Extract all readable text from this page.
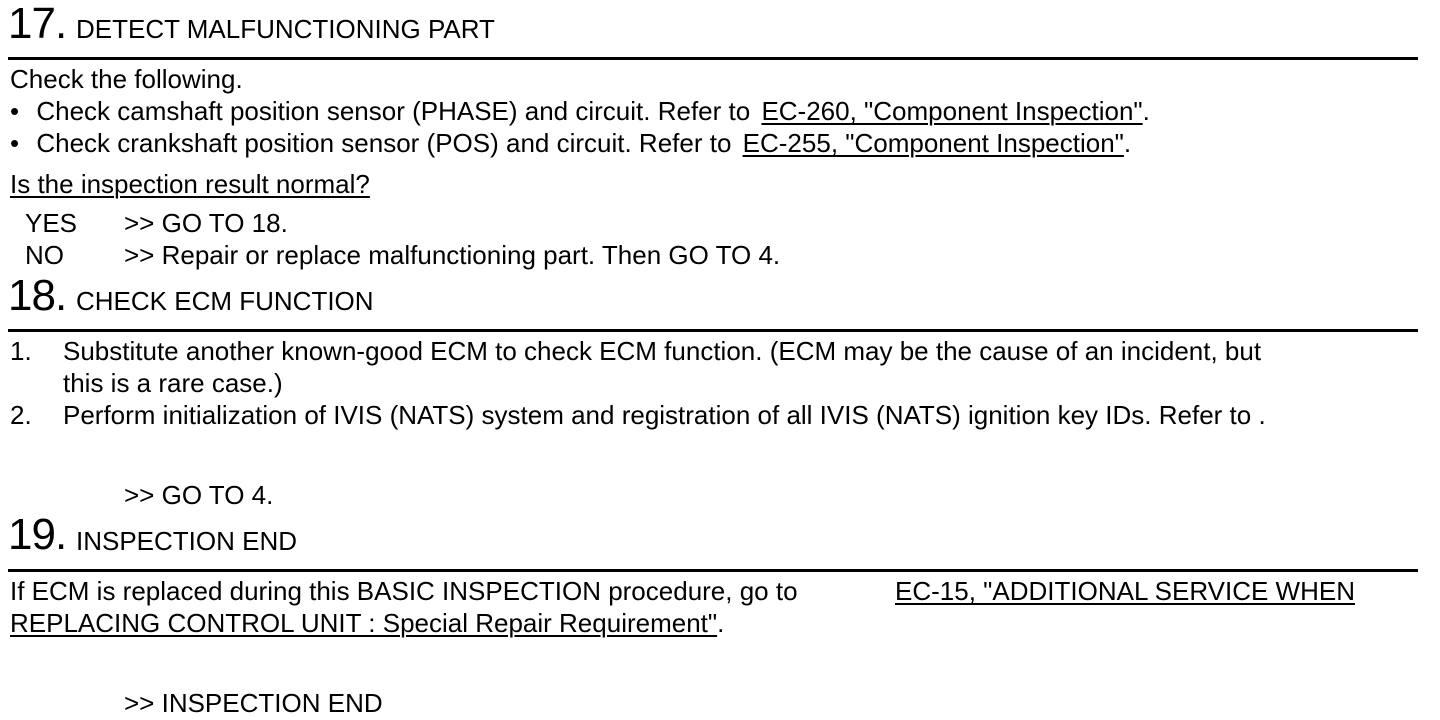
17. DETECT MALFUNCTIONING PART
Check the following.
• Check camshaft position sensor (PHASE) and circuit. Refer to EC-260, "Component Inspection".
• Check crankshaft position sensor (POS) and circuit. Refer to EC-255, "Component Inspection".
Is the inspection result normal?
YES >> GO TO 18.
NO >> Repair or replace malfunctioning part. Then GO TO 4.
18. CHECK ECM FUNCTION
1. Substitute another known-good ECM to check ECM function. (ECM may be the cause of an incident, but
this is a rare case.)
2. Perform initialization of IVIS (NATS) system and registration of all IVIS (NATS) ignition key IDs. Refer to .
>> GO TO 4.
19. INSPECTION END
If ECM is replaced during this BASIC INSPECTION procedure, go to	EC-15, "ADDITIONAL SERVICE WHEN
REPLACING CONTROL UNIT : Special Repair Requirement".
>> INSPECTION END
